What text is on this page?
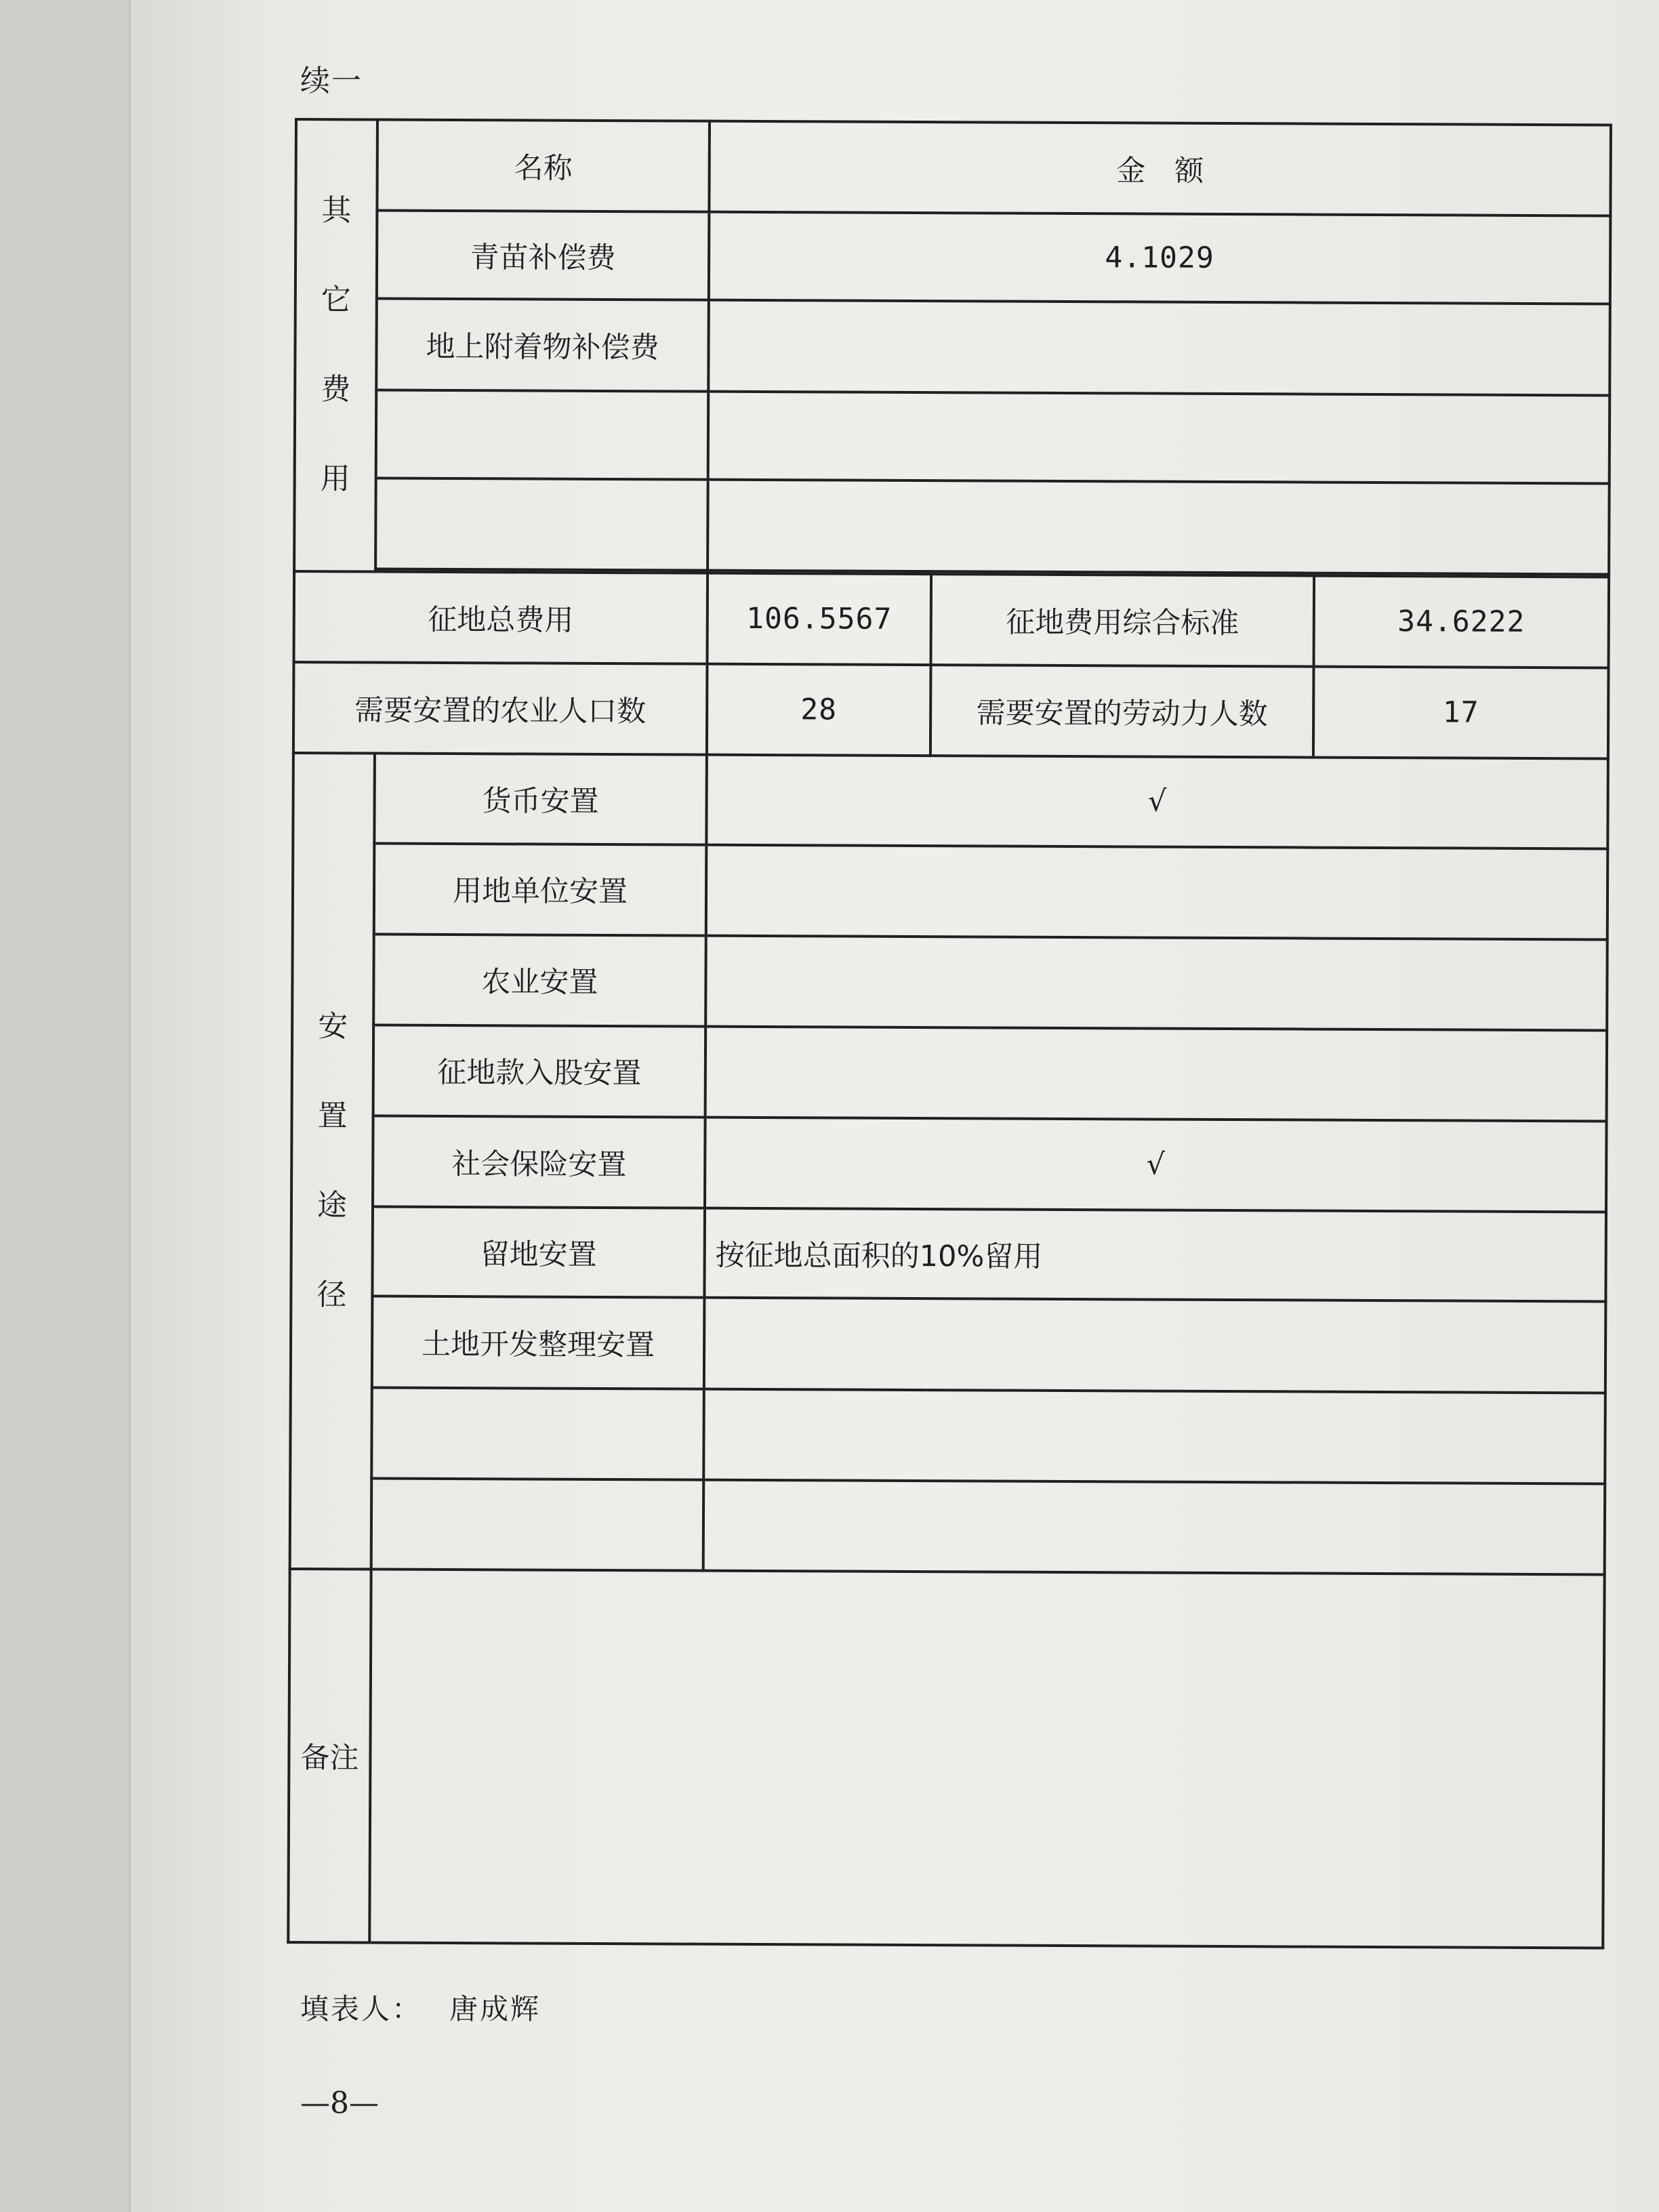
续一
其
它
费
用	名称	金　额		
	青苗补偿费	4.1029		
	地上附着物补偿费			

征地总费用		106.5567	征地费用综合标准	34.6222
需要安置的农业人口数		28	需要安置的劳动力人数	17

安
置
途
径	货币安置	√		
	用地单位安置			
	农业安置			
	征地款入股安置			
	社会保险安置	√		
	留地安置	按征地总面积的10%留用		
	土地开发整理安置			

备注				
填表人： 唐成辉
—8—
